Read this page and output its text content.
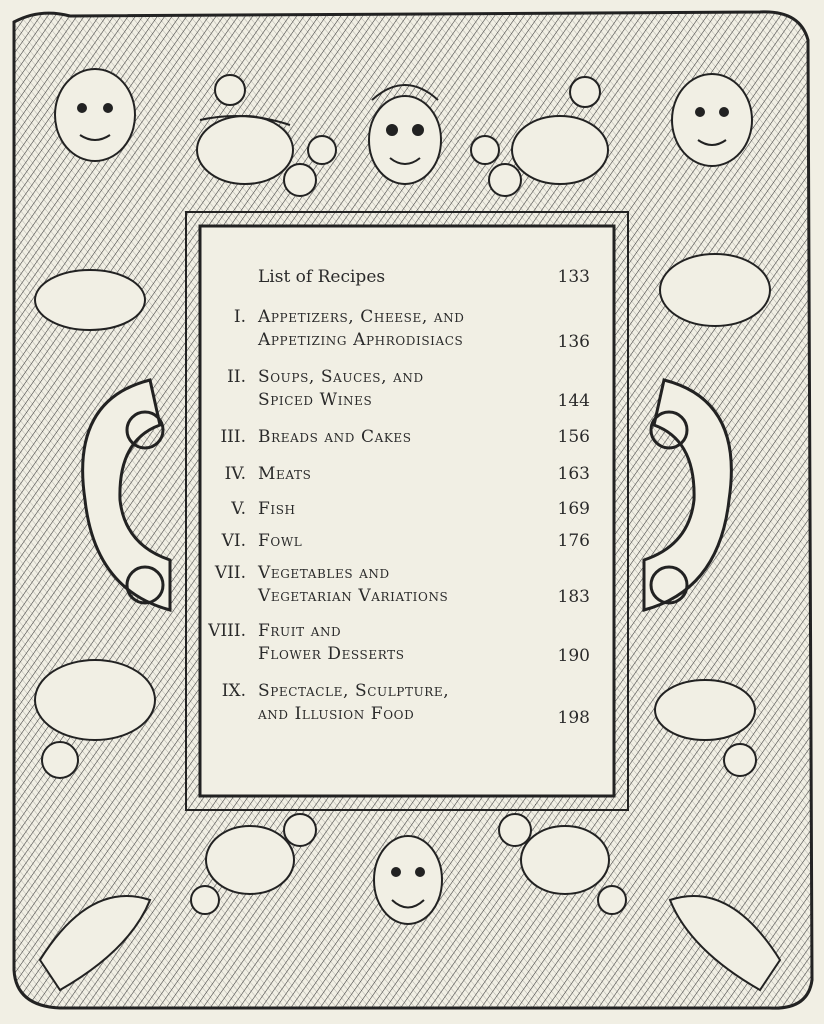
List of Recipes	133
I. Appetizers, Cheese, and
Appetizing Aphrodisiacs	136
II. Soups, Sauces, and
Spiced Wines	144
III. Breads and Cakes	156
IV. Meats	163
V. Fish	169
VI. Fowl	176
VII. Vegetables and
Vegetarian Variations	183
VIII. Fruit and
Flower Desserts	190
IX. Spectacle, Sculpture,
and Illusion Food	198
